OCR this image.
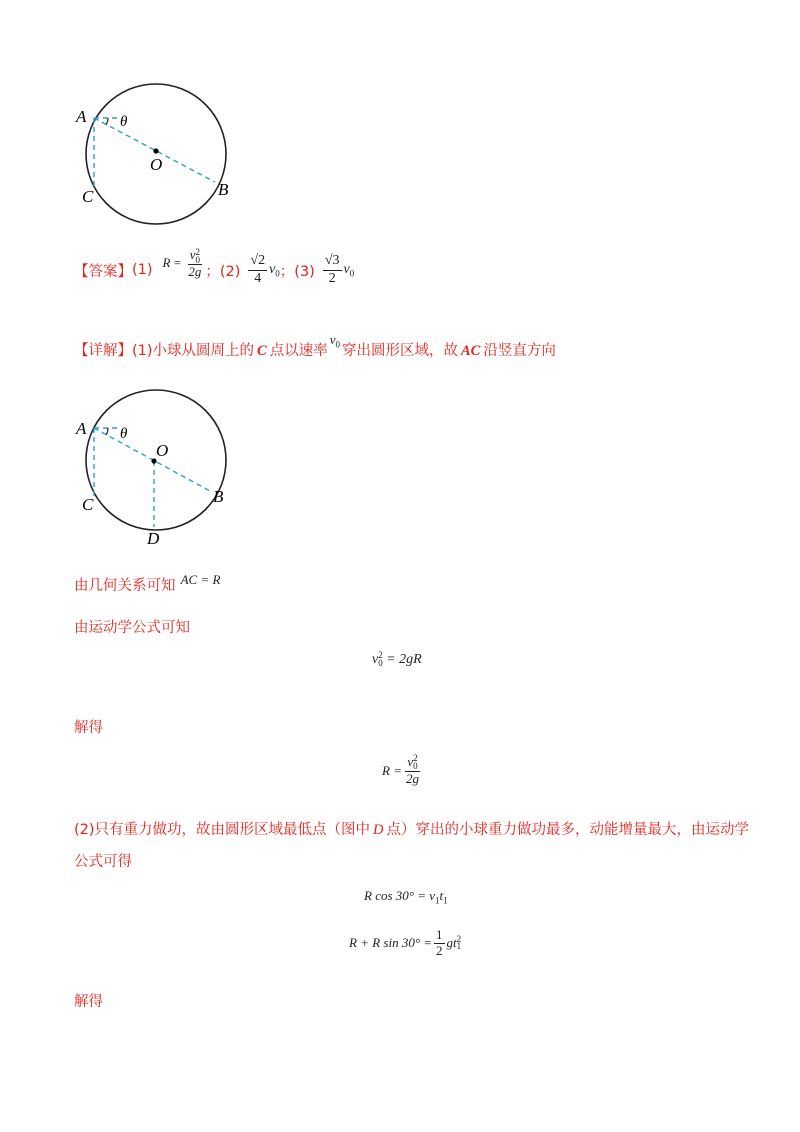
A θ
O
C	B
【答案】 (1) R = v 2
0
2g ；$(2) \frac{√2}{4} v_0$ ；$(3) \frac{√3}{2} v_0$
【详解】 (1)小球从圆周上的 C 点以速率
$v_0$ 穿出圆形区域，故 AC 沿竖直方向
A θ
O
C	B
D
由几何关系可知 $^{AC = R}$
由运动学公式可知
v 2
0 = 2gR
解得
R = v 2
0
2g
(2)只有重力做功，故由圆形区域最低点（图中 D 点）穿出的小球重力做功最多，动能增量最大，由运动学
公式可得
R $\cos 30^\circ = v_1t_1$
R + R $\sin 30^\circ = \frac{1}{2}$ gt 2
1
解得
